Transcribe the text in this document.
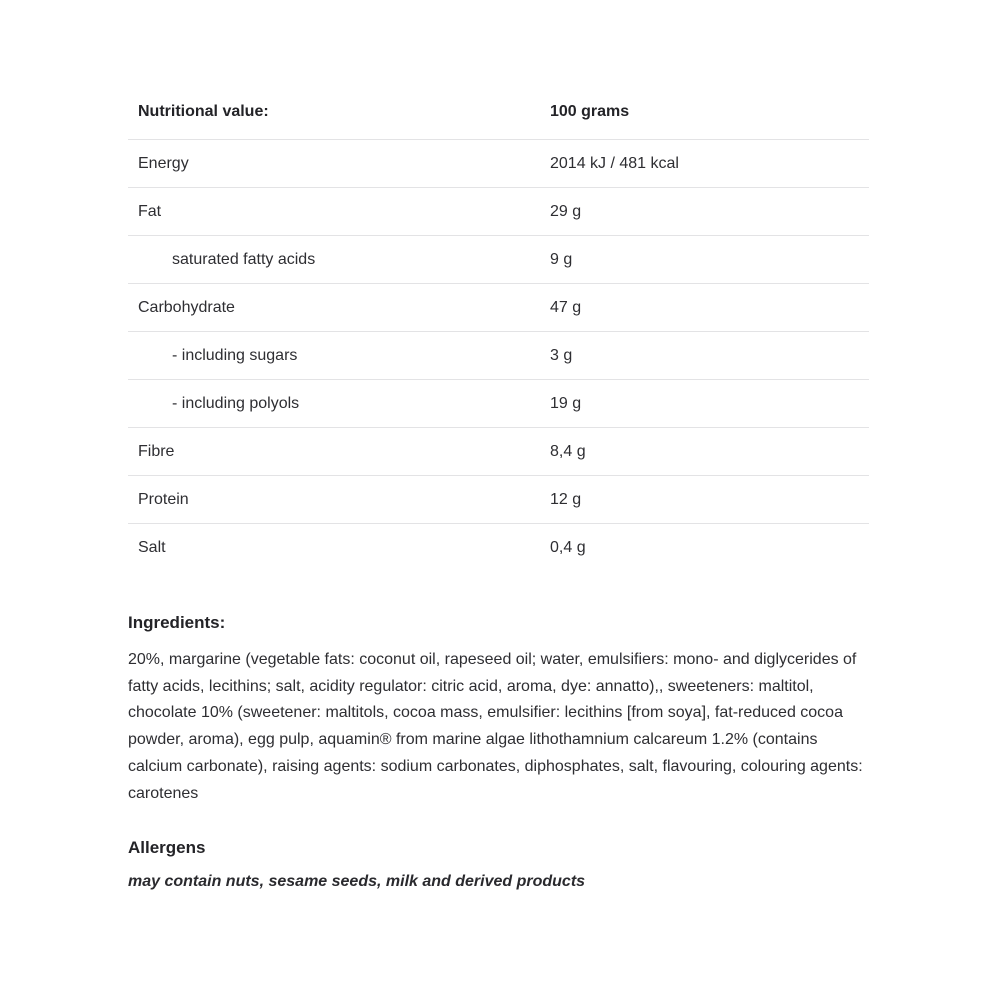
Nutritional value:	100 grams
Energy	2014 kJ / 481 kcal
Fat	29 g
saturated fatty acids	9 g
Carbohydrate	47 g
- including sugars	3 g
- including polyols	19 g
Fibre	8,4 g
Protein	12 g
Salt	0,4 g
Ingredients:

20%, margarine (vegetable fats: coconut oil, rapeseed oil; water, emulsifiers: mono- and diglycerides of fatty acids, lecithins; salt, acidity regulator: citric acid, aroma, dye: annatto),, sweeteners: maltitol, chocolate 10% (sweetener: maltitols, cocoa mass, emulsifier: lecithins [from soya], fat-reduced cocoa powder, aroma), egg pulp, aquamin® from marine algae lithothamnium calcareum 1.2% (contains calcium carbonate), raising agents: sodium carbonates, diphosphates, salt, flavouring, colouring agents: carotenes

Allergens

may contain nuts, sesame seeds, milk and derived products
